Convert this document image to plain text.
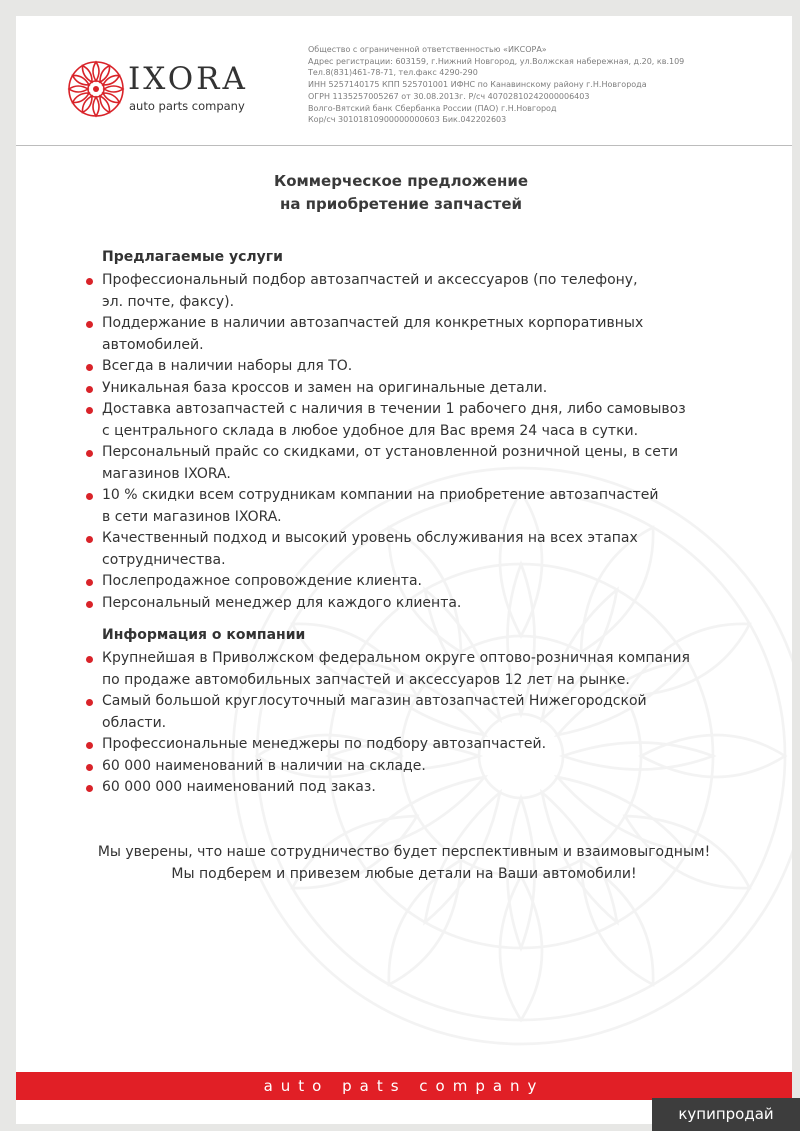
IXORA
auto parts company
Общество с ограниченной ответственностью «ИКСОРА»
Адрес регистрации: 603159, г.Нижний Новгород, ул.Волжская набережная, д.20, кв.109
Тел.8(831)461-78-71, тел.факс 4290-290
ИНН 5257140175 КПП 525701001 ИФНС по Канавинскому району г.Н.Новгорода
ОГРН 1135257005267 от 30.08.2013г. Р/сч 40702810242000006403
Волго-Вятский банк Сбербанка России (ПАО) г.Н.Новгород
Кор/сч 30101810900000000603 Бик.042202603
Коммерческое предложение
на приобретение запчастей
Предлагаемые услуги
Профессиональный подбор автозапчастей и аксессуаров (по телефону,
эл. почте, факсу).
Поддержание в наличии автозапчастей для конкретных корпоративных
автомобилей.
Всегда в наличии наборы для ТО.
Уникальная база кроссов и замен на оригинальные детали.
Доставка автозапчастей с наличия в течении 1 рабочего дня, либо самовывоз
с центрального склада в любое удобное для Вас время 24 часа в сутки.
Персональный прайс со скидками, от установленной розничной цены, в сети
магазинов IXORA.
10 % скидки всем сотрудникам компании на приобретение автозапчастей
в сети магазинов IXORA.
Качественный подход и высокий уровень обслуживания на всех этапах
сотрудничества.
Послепродажное сопровождение клиента.
Персональный менеджер для каждого клиента.
Информация о компании
Крупнейшая в Приволжском федеральном округе оптово-розничная компания
по продаже автомобильных запчастей и аксессуаров 12 лет на рынке.
Самый большой круглосуточный магазин автозапчастей Нижегородской
области.
Профессиональные менеджеры по подбору автозапчастей.
60 000 наименований в наличии на складе.
60 000 000 наименований под заказ.
Мы уверены, что наше сотрудничество будет перспективным и взаимовыгодным!
Мы подберем и привезем любые детали на Ваши автомобили!
auto pats company
купипродай
